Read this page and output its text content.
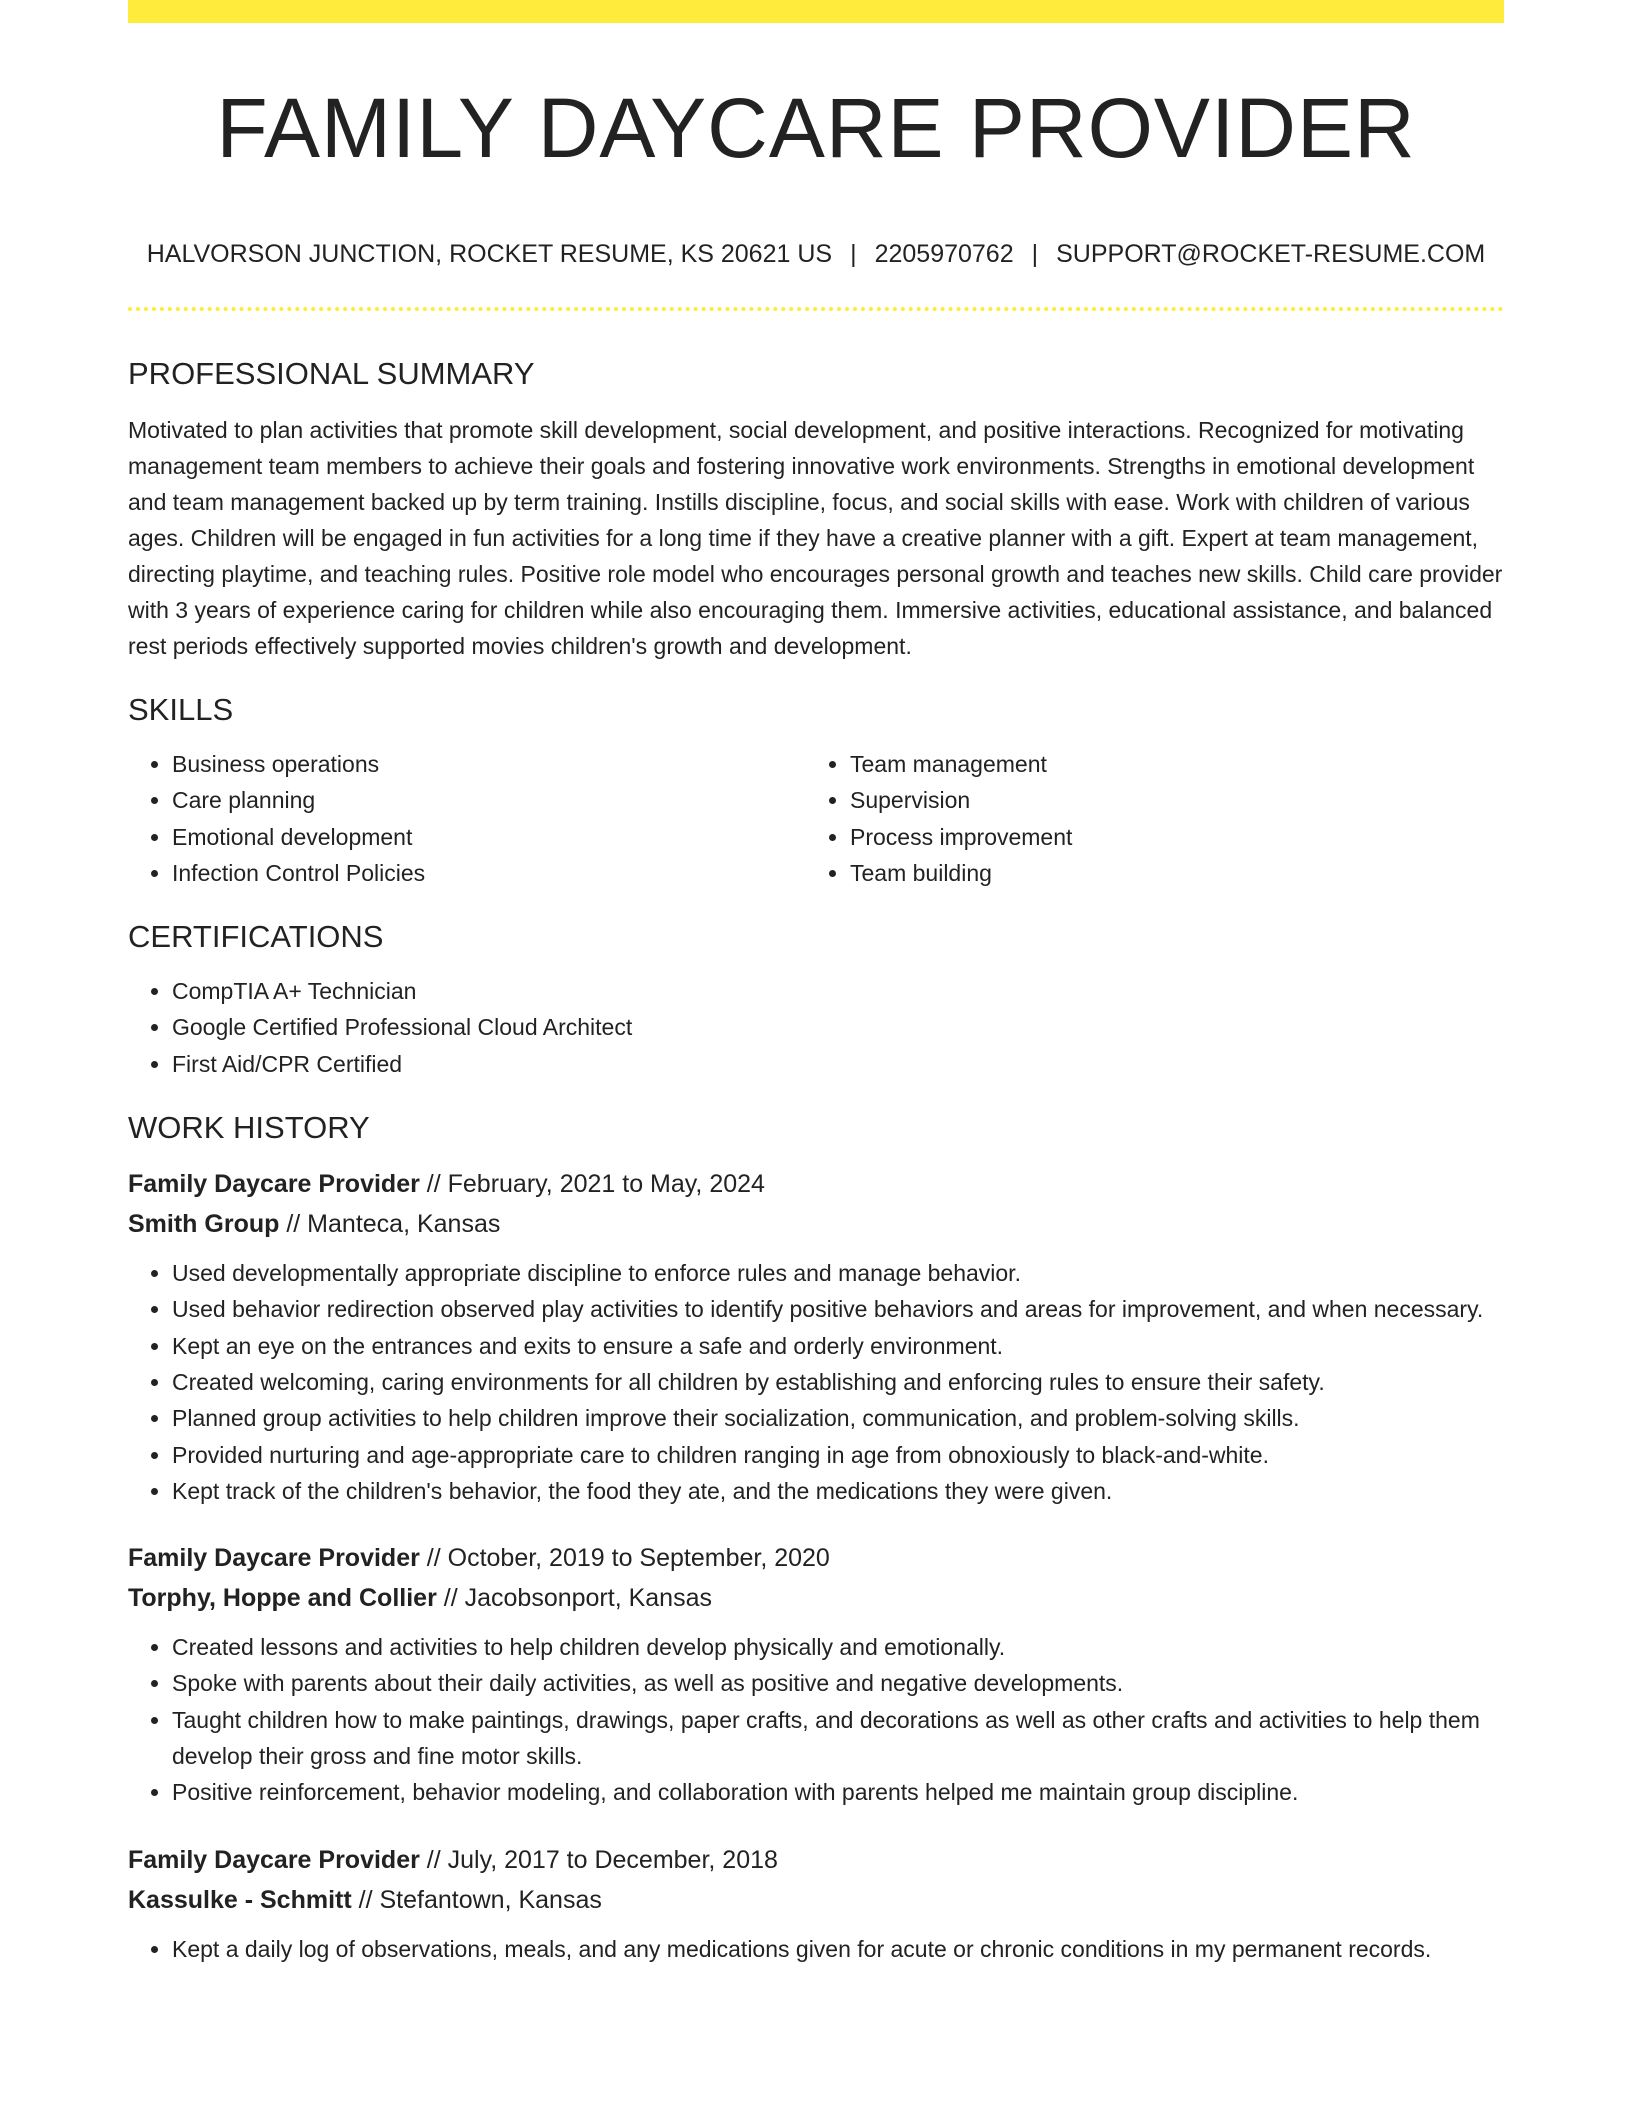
FAMILY DAYCARE PROVIDER
HALVORSON JUNCTION, ROCKET RESUME, KS 20621 US | 2205970762 | SUPPORT@ROCKET-RESUME.COM
PROFESSIONAL SUMMARY

Motivated to plan activities that promote skill development, social development, and positive interactions. Recognized for motivating management team members to achieve their goals and fostering innovative work environments. Strengths in emotional development and team management backed up by term training. Instills discipline, focus, and social skills with ease. Work with children of various ages. Children will be engaged in fun activities for a long time if they have a creative planner with a gift. Expert at team management, directing playtime, and teaching rules. Positive role model who encourages personal growth and teaches new skills. Child care provider with 3 years of experience caring for children while also encouraging them. Immersive activities, educational assistance, and balanced rest periods effectively supported movies children's growth and development.

SKILLS
• Business operations
• Care planning
• Emotional development
• Infection Control Policies
• Team management
• Supervision
• Process improvement
• Team building
CERTIFICATIONS
• CompTIA A+ Technician
• Google Certified Professional Cloud Architect
• First Aid/CPR Certified
WORK HISTORY
Family Daycare Provider // February, 2021 to May, 2024
Smith Group // Manteca, Kansas
• Used developmentally appropriate discipline to enforce rules and manage behavior.
• Used behavior redirection observed play activities to identify positive behaviors and areas for improvement, and when necessary.
• Kept an eye on the entrances and exits to ensure a safe and orderly environment.
• Created welcoming, caring environments for all children by establishing and enforcing rules to ensure their safety.
• Planned group activities to help children improve their socialization, communication, and problem-solving skills.
• Provided nurturing and age-appropriate care to children ranging in age from obnoxiously to black-and-white.
• Kept track of the children's behavior, the food they ate, and the medications they were given.
Family Daycare Provider // October, 2019 to September, 2020
Torphy, Hoppe and Collier // Jacobsonport, Kansas
• Created lessons and activities to help children develop physically and emotionally.
• Spoke with parents about their daily activities, as well as positive and negative developments.
• Taught children how to make paintings, drawings, paper crafts, and decorations as well as other crafts and activities to help them develop their gross and fine motor skills.
• Positive reinforcement, behavior modeling, and collaboration with parents helped me maintain group discipline.
Family Daycare Provider // July, 2017 to December, 2018
Kassulke - Schmitt // Stefantown, Kansas
• Kept a daily log of observations, meals, and any medications given for acute or chronic conditions in my permanent records.
